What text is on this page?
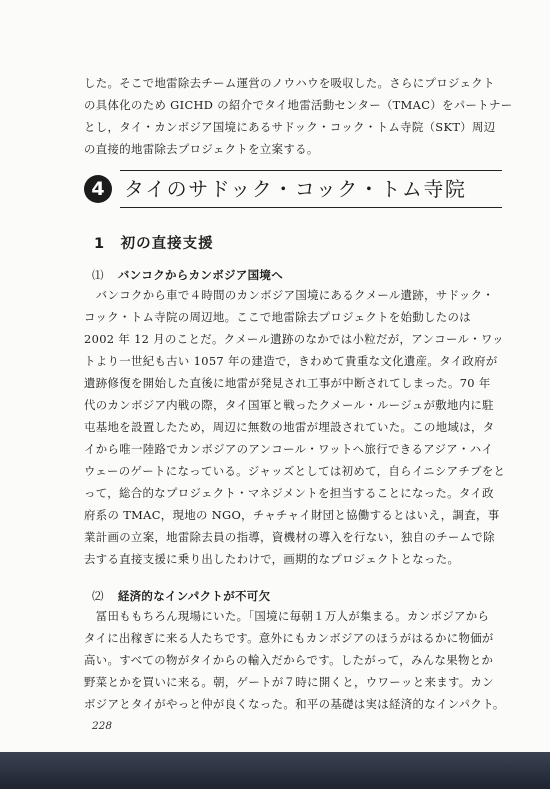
した。そこで地雷除去チーム運営のノウハウを吸収した。さらにプロジェクト
の具体化のため GICHD の紹介でタイ地雷活動センター（TMAC）をパートナー
とし，タイ・カンボジア国境にあるサドック・コック・トム寺院（SKT）周辺
の直接的地雷除去プロジェクトを立案する。
4 タイのサドック・コック・トム寺院
1　初の直接支援
⑴ バンコクからカンボジア国境へ
　バンコクから車で４時間のカンボジア国境にあるクメール遺跡，サドック・
コック・トム寺院の周辺地。ここで地雷除去プロジェクトを始動したのは
2002 年 12 月のことだ。クメール遺跡のなかでは小粒だが，アンコール・ワッ
トより一世紀も古い 1057 年の建造で，きわめて貴重な文化遺産。タイ政府が
遺跡修復を開始した直後に地雷が発見され工事が中断されてしまった。70 年
代のカンボジア内戦の際，タイ国軍と戦ったクメール・ルージュが敷地内に駐
屯基地を設置したため，周辺に無数の地雷が埋設されていた。この地域は，タ
イから唯一陸路でカンボジアのアンコール・ワットへ旅行できるアジア・ハイ
ウェーのゲートになっている。ジャッズとしては初めて，自らイニシアチブをと
って，総合的なプロジェクト・マネジメントを担当することになった。タイ政
府系の TMAC，現地の NGO，チャチャイ財団と協働するとはいえ，調査，事
業計画の立案，地雷除去員の指導，資機材の導入を行ない，独自のチームで除
去する直接支援に乗り出したわけで，画期的なプロジェクトとなった。
⑵ 経済的なインパクトが不可欠
　冨田ももちろん現場にいた。「国境に毎朝１万人が集まる。カンボジアから
タイに出稼ぎに来る人たちです。意外にもカンボジアのほうがはるかに物価が
高い。すべての物がタイからの輸入だからです。したがって，みんな果物とか
野菜とかを買いに来る。朝，ゲートが７時に開くと，ウワーッと来ます。カン
ボジアとタイがやっと仲が良くなった。和平の基礎は実は経済的なインパクト。
228
